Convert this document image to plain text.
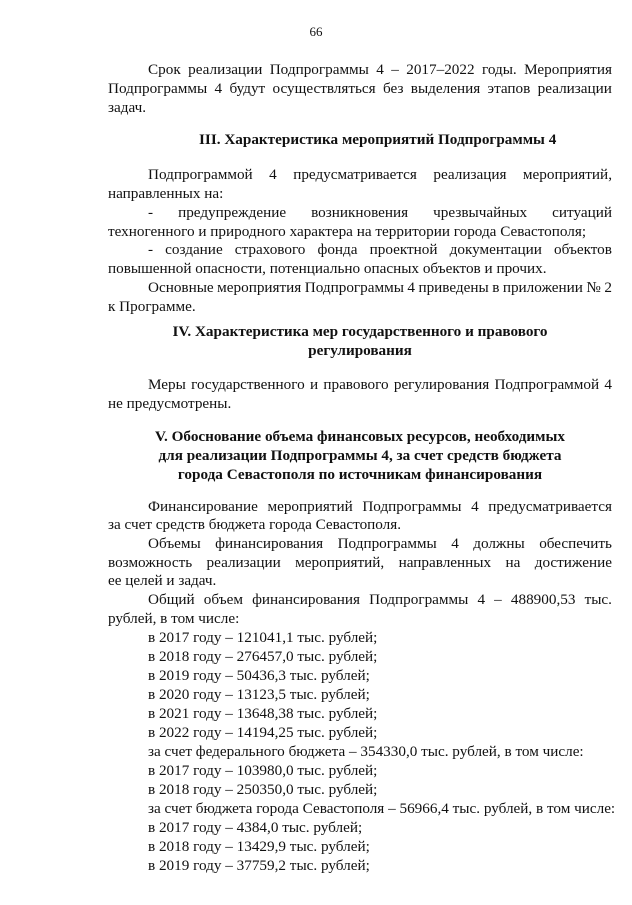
66
Срок реализации Подпрограммы 4 – 2017–2022 годы. Мероприятия
Подпрограммы 4 будут осуществляться без выделения этапов реализации
задач.
III. Характеристика мероприятий Подпрограммы 4
Подпрограммой 4 предусматривается реализация мероприятий,
направленных на:
- предупреждение возникновения чрезвычайных ситуаций
техногенного и природного характера на территории города Севастополя;
- создание страхового фонда проектной документации объектов
повышенной опасности, потенциально опасных объектов и прочих.
Основные мероприятия Подпрограммы 4 приведены в приложении № 2
к Программе.
IV. Характеристика мер государственного и правового
регулирования
Меры государственного и правового регулирования Подпрограммой 4
не предусмотрены.
V. Обоснование объема финансовых ресурсов, необходимых
для реализации Подпрограммы 4, за счет средств бюджета
города Севастополя по источникам финансирования
Финансирование мероприятий Подпрограммы 4 предусматривается
за счет средств бюджета города Севастополя.
Объемы финансирования Подпрограммы 4 должны обеспечить
возможность реализации мероприятий, направленных на достижение
ее целей и задач.
Общий объем финансирования Подпрограммы 4 – 488900,53 тыс.
рублей, в том числе:
в 2017 году – 121041,1 тыс. рублей;
в 2018 году – 276457,0 тыс. рублей;
в 2019 году – 50436,3 тыс. рублей;
в 2020 году – 13123,5 тыс. рублей;
в 2021 году – 13648,38 тыс. рублей;
в 2022 году – 14194,25 тыс. рублей;
за счет федерального бюджета – 354330,0 тыс. рублей, в том числе:
в 2017 году – 103980,0 тыс. рублей;
в 2018 году – 250350,0 тыс. рублей;
за счет бюджета города Севастополя – 56966,4 тыс. рублей, в том числе:
в 2017 году – 4384,0 тыс. рублей;
в 2018 году – 13429,9 тыс. рублей;
в 2019 году – 37759,2 тыс. рублей;
